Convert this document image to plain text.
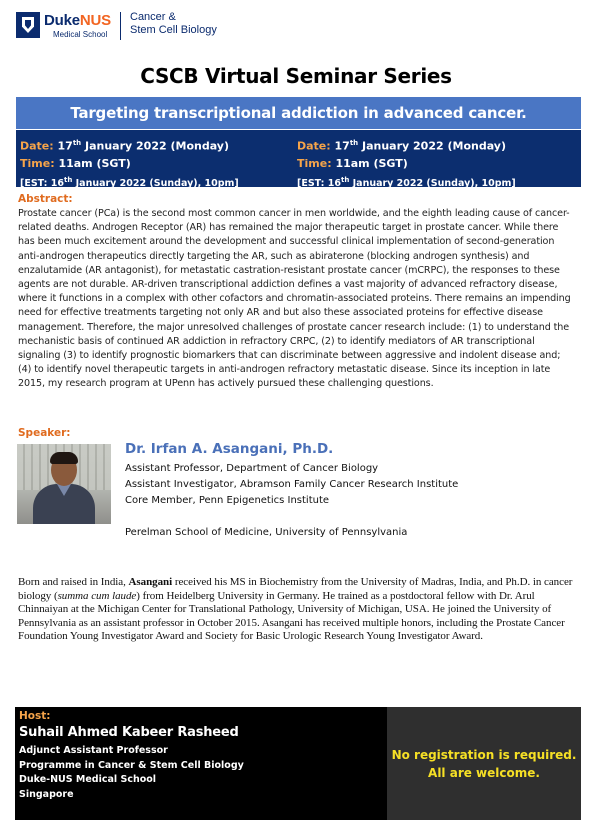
DukeNUS
Medical School
Cancer &
Stem Cell Biology
CSCB Virtual Seminar Series
Targeting transcriptional addiction in advanced cancer.
Date: 17th January 2022 (Monday)
Time: 11am (SGT)
[EST: 16th January 2022 (Sunday), 10pm]
Date: 17th January 2022 (Monday)
Time: 11am (SGT)
[EST: 16th January 2022 (Sunday), 10pm]
Abstract:
Prostate cancer (PCa) is the second most common cancer in men worldwide, and the eighth leading cause of cancer-related deaths. Androgen Receptor (AR) has remained the major therapeutic target in prostate cancer. While there has been much excitement around the development and successful clinical implementation of second-generation anti-androgen therapeutics directly targeting the AR, such as abiraterone (blocking androgen synthesis) and enzalutamide (AR antagonist), for metastatic castration-resistant prostate cancer (mCRPC), the responses to these agents are not durable. AR-driven transcriptional addiction defines a vast majority of advanced refractory disease, where it functions in a complex with other cofactors and chromatin-associated proteins. There remains an impending need for effective treatments targeting not only AR and but also these associated proteins for effective disease management. Therefore, the major unresolved challenges of prostate cancer research include: (1) to understand the mechanistic basis of continued AR addiction in refractory CRPC, (2) to identify mediators of AR transcriptional signaling (3) to identify prognostic biomarkers that can discriminate between aggressive and indolent disease and; (4) to identify novel therapeutic targets in anti-androgen refractory metastatic disease. Since its inception in late 2015, my research program at UPenn has actively pursued these challenging questions.
Speaker:
Dr. Irfan A. Asangani, Ph.D.
Assistant Professor, Department of Cancer Biology
Assistant Investigator, Abramson Family Cancer Research Institute
Core Member, Penn Epigenetics Institute
Perelman School of Medicine, University of Pennsylvania
Born and raised in India, Asangani received his MS in Biochemistry from the University of Madras, India, and Ph.D. in cancer biology (summa cum laude) from Heidelberg University in Germany. He trained as a postdoctoral fellow with Dr. Arul Chinnaiyan at the Michigan Center for Translational Pathology, University of Michigan, USA. He joined the University of Pennsylvania as an assistant professor in October 2015. Asangani has received multiple honors, including the Prostate Cancer Foundation Young Investigator Award and Society for Basic Urologic Research Young Investigator Award.
Host:
Suhail Ahmed Kabeer Rasheed
Adjunct Assistant Professor
Programme in Cancer & Stem Cell Biology
Duke-NUS Medical School
Singapore
No registration is required.
All are welcome.
